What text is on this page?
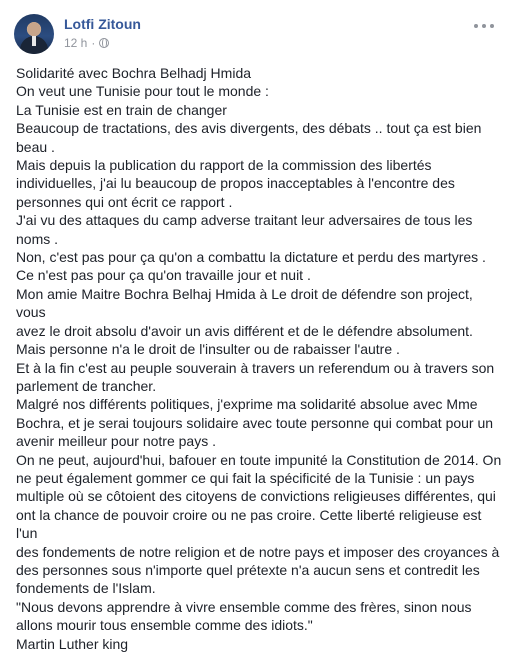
Lotfi Zitoun
12 h ·

Solidarité avec Bochra Belhadj Hmida

On veut une Tunisie pour tout le monde :

La Tunisie est en train de changer

Beaucoup de tractations, des avis divergents, des débats .. tout ça est bien

beau .

Mais depuis la publication du rapport de la commission des libertés

individuelles, j'ai lu beaucoup de propos inacceptables à l'encontre des

personnes qui ont écrit ce rapport .

J'ai vu des attaques du camp adverse traitant leur adversaires de tous les

noms .

Non, c'est pas pour ça qu'on a combattu la dictature et perdu des martyres .

Ce n'est pas pour ça qu'on travaille jour et nuit .

Mon amie Maitre Bochra Belhaj Hmida à Le droit de défendre son project, vous

avez le droit absolu d'avoir un avis différent et de le défendre absolument.

Mais personne n'a le droit de l'insulter ou de rabaisser l'autre .

Et à la fin c'est au peuple souverain à travers un referendum ou à travers son

parlement de trancher.

Malgré nos différents politiques, j'exprime ma solidarité absolue avec Mme

Bochra, et je serai toujours solidaire avec toute personne qui combat pour un

avenir meilleur pour notre pays .

On ne peut, aujourd'hui, bafouer en toute impunité la Constitution de 2014. On

ne peut également gommer ce qui fait la spécificité de la Tunisie : un pays

multiple où se côtoient des citoyens de convictions religieuses différentes, qui

ont la chance de pouvoir croire ou ne pas croire. Cette liberté religieuse est l'un

des fondements de notre religion et de notre pays et imposer des croyances à

des personnes sous n'importe quel prétexte n'a aucun sens et contredit les

fondements de l'Islam.

"Nous devons apprendre à vivre ensemble comme des frères, sinon nous

allons mourir tous ensemble comme des idiots."

Martin Luther king
